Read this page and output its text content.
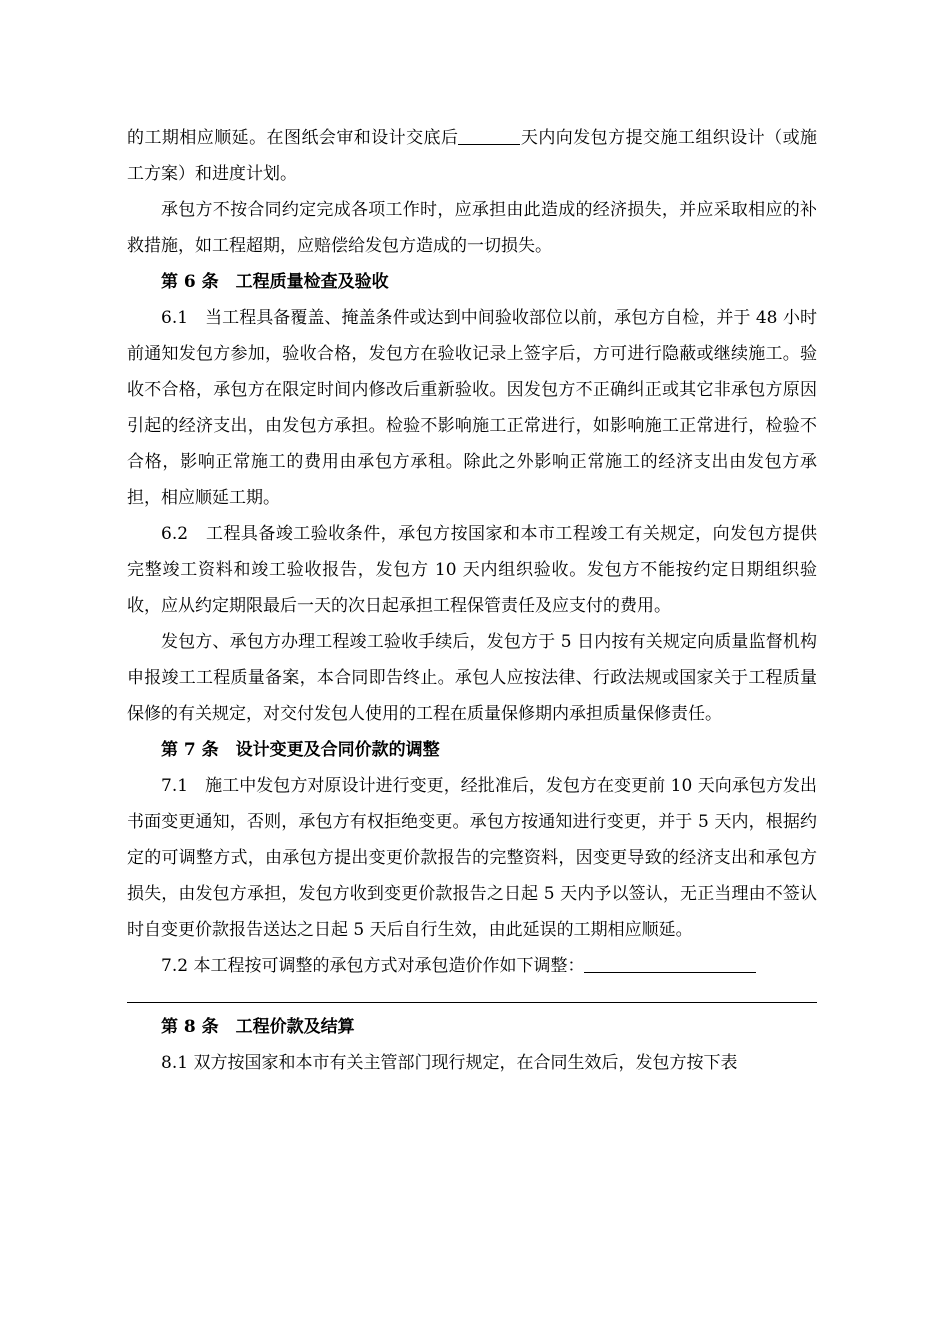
的工期相应顺延。在图纸会审和设计交底后	天内向发包方提交施工组织设计（或施工方案）和进度计划。

承包方不按合同约定完成各项工作时，应承担由此造成的经济损失，并应采取相应的补救措施，如工程超期，应赔偿给发包方造成的一切损失。

第 6 条　工程质量检查及验收

6.1　当工程具备覆盖、掩盖条件或达到中间验收部位以前，承包方自检，并于 48 小时前通知发包方参加，验收合格，发包方在验收记录上签字后，方可进行隐蔽或继续施工。验收不合格，承包方在限定时间内修改后重新验收。因发包方不正确纠正或其它非承包方原因引起的经济支出，由发包方承担。检验不影响施工正常进行，如影响施工正常进行，检验不合格，影响正常施工的费用由承包方承租。除此之外影响正常施工的经济支出由发包方承担，相应顺延工期。

6.2　工程具备竣工验收条件，承包方按国家和本市工程竣工有关规定，向发包方提供完整竣工资料和竣工验收报告，发包方 10 天内组织验收。发包方不能按约定日期组织验收，应从约定期限最后一天的次日起承担工程保管责任及应支付的费用。

发包方、承包方办理工程竣工验收手续后，发包方于 5 日内按有关规定向质量监督机构申报竣工工程质量备案，本合同即告终止。承包人应按法律、行政法规或国家关于工程质量保修的有关规定，对交付发包人使用的工程在质量保修期内承担质量保修责任。

第 7 条　设计变更及合同价款的调整

7.1　施工中发包方对原设计进行变更，经批准后，发包方在变更前 10 天向承包方发出书面变更通知，否则，承包方有权拒绝变更。承包方按通知进行变更，并于 5 天内，根据约定的可调整方式，由承包方提出变更价款报告的完整资料，因变更导致的经济支出和承包方损失，由发包方承担，发包方收到变更价款报告之日起 5 天内予以签认，无正当理由不签认时自变更价款报告送达之日起 5 天后自行生效，由此延误的工期相应顺延。

7.2 本工程按可调整的承包方式对承包造价作如下调整：

第 8 条　工程价款及结算

8.1 双方按国家和本市有关主管部门现行规定，在合同生效后，发包方按下表
